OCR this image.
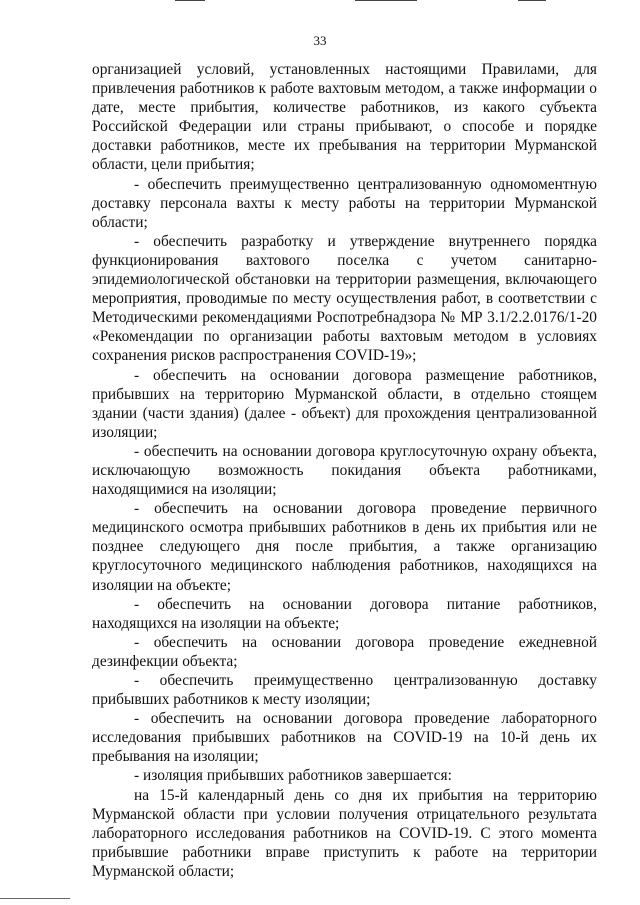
33

организацией условий, установленных настоящими Правилами, для привлечения работников к работе вахтовым методом, а также информации о дате, месте прибытия, количестве работников, из какого субъекта Российской Федерации или страны прибывают, о способе и порядке доставки работников, месте их пребывания на территории Мурманской области, цели прибытия;

- обеспечить преимущественно централизованную одномоментную доставку персонала вахты к месту работы на территории Мурманской области;

- обеспечить разработку и утверждение внутреннего порядка функционирования вахтового поселка с учетом санитарно-эпидемиологической обстановки на территории размещения, включающего мероприятия, проводимые по месту осуществления работ, в соответствии с Методическими рекомендациями Роспотребнадзора № МР 3.1/2.2.0176/1-20 «Рекомендации по организации работы вахтовым методом в условиях сохранения рисков распространения COVID-19»;

- обеспечить на основании договора размещение работников, прибывших на территорию Мурманской области, в отдельно стоящем здании (части здания) (далее - объект) для прохождения централизованной изоляции;

- обеспечить на основании договора круглосуточную охрану объекта, исключающую возможность покидания объекта работниками, находящимися на изоляции;

- обеспечить на основании договора проведение первичного медицинского осмотра прибывших работников в день их прибытия или не позднее следующего дня после прибытия, а также организацию круглосуточного медицинского наблюдения работников, находящихся на изоляции на объекте;

- обеспечить на основании договора питание работников, находящихся на изоляции на объекте;

- обеспечить на основании договора проведение ежедневной дезинфекции объекта;

- обеспечить преимущественно централизованную доставку прибывших работников к месту изоляции;

- обеспечить на основании договора проведение лабораторного исследования прибывших работников на COVID-19 на 10-й день их пребывания на изоляции;

- изоляция прибывших работников завершается:

на 15-й календарный день со дня их прибытия на территорию Мурманской области при условии получения отрицательного результата лабораторного исследования работников на COVID-19. С этого момента прибывшие работники вправе приступить к работе на территории Мурманской области;
